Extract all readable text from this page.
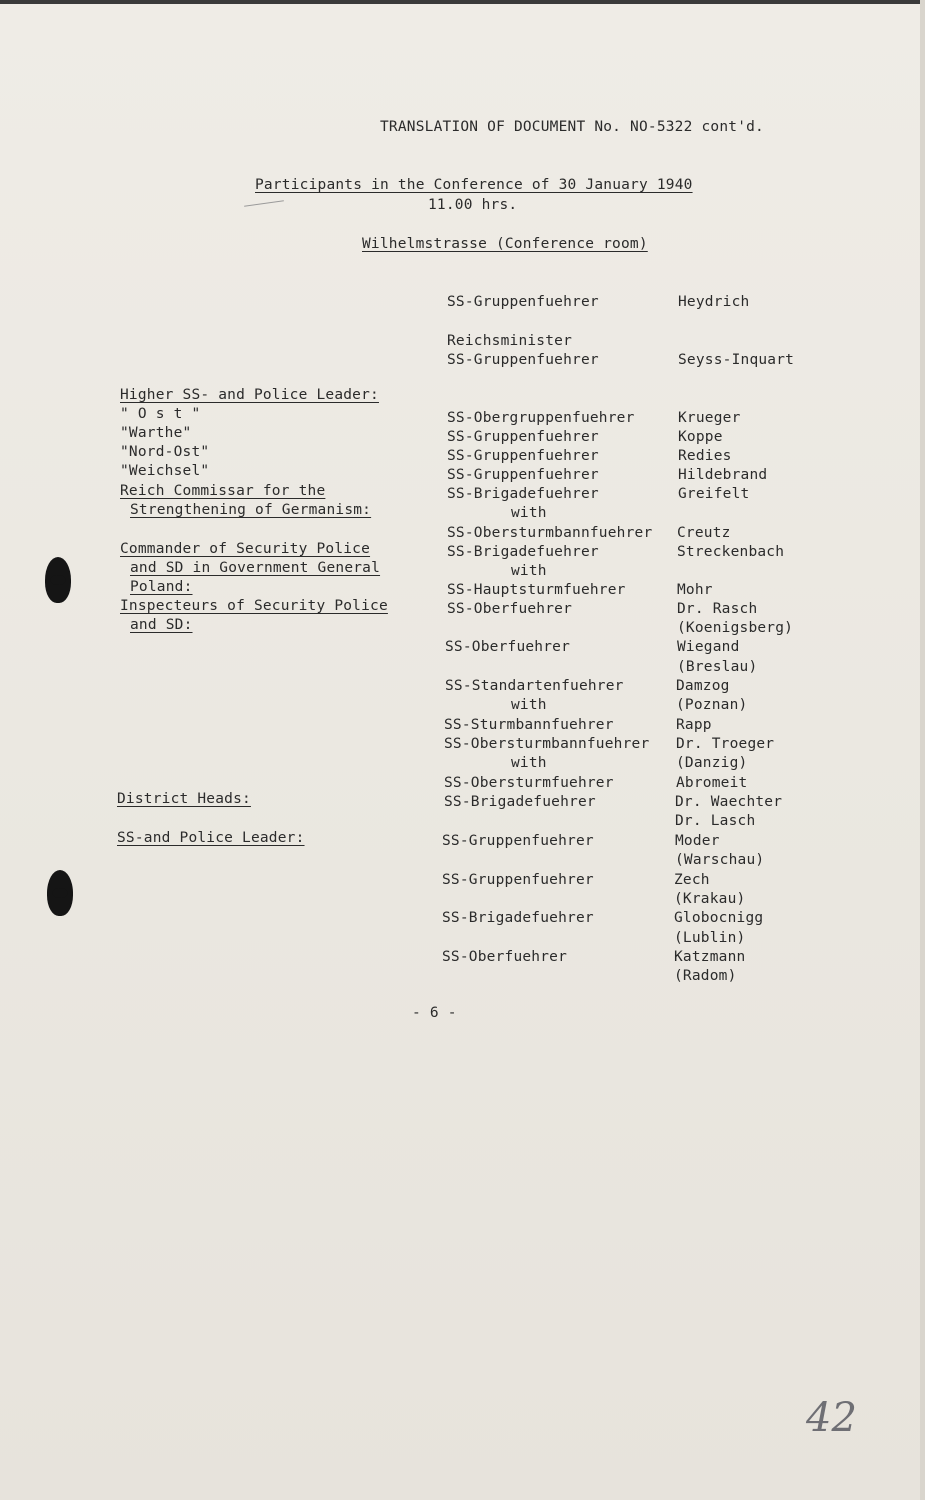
TRANSLATION OF DOCUMENT No. NO-5322 cont'd.
Participants in the Conference of 30 January 1940
11.00 hrs.
Wilhelmstrasse (Conference room)
Higher SS- and Police Leader:
" O s t "
"Warthe"
"Nord-Ost"
"Weichsel"
Reich Commissar for the
Strengthening of Germanism:
Commander of Security Police
and SD in Government General
Poland:
Inspecteurs of Security Police
and SD:
District Heads:
SS-and Police Leader:
SS-Gruppenfuehrer
Reichsminister
SS-Gruppenfuehrer
SS-Obergruppenfuehrer
SS-Gruppenfuehrer
SS-Gruppenfuehrer
SS-Gruppenfuehrer
SS-Brigadefuehrer
with
SS-Obersturmbannfuehrer
SS-Brigadefuehrer
with
SS-Hauptsturmfuehrer
SS-Oberfuehrer
SS-Oberfuehrer
SS-Standartenfuehrer
with
SS-Sturmbannfuehrer
SS-Obersturmbannfuehrer
with
SS-Obersturmfuehrer
SS-Brigadefuehrer
SS-Gruppenfuehrer
SS-Gruppenfuehrer
SS-Brigadefuehrer
SS-Oberfuehrer
Heydrich
Seyss-Inquart
Krueger
Koppe
Redies
Hildebrand
Greifelt
Creutz
Streckenbach
Mohr
Dr. Rasch
(Koenigsberg)
Wiegand
(Breslau)
Damzog
(Poznan)
Rapp
Dr. Troeger
(Danzig)
Abromeit
Dr. Waechter
Dr. Lasch
Moder
(Warschau)
Zech
(Krakau)
Globocnigg
(Lublin)
Katzmann
(Radom)
- 6 -
42
